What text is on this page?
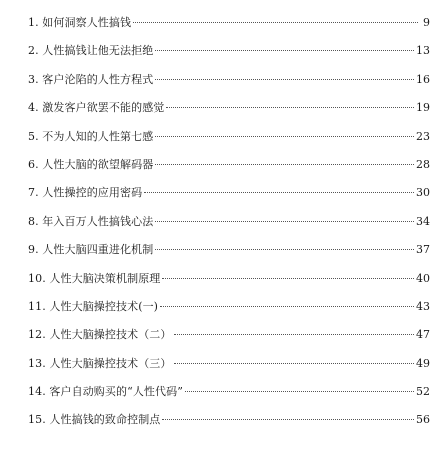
1. 如何洞察人性搞钱	9
2. 人性搞钱让他无法拒绝	13
3. 客户沦陷的人性方程式	16
4. 激发客户欲罢不能的感觉	19
5. 不为人知的人性第七感	23
6. 人性大脑的欲望解码器	28
7. 人性操控的应用密码	30
8. 年入百万人性搞钱心法	34
9. 人性大脑四重进化机制	37
10. 人性大脑决策机制原理	40
11. 人性大脑操控技术(一)	43
12. 人性大脑操控技术（二）	47
13. 人性大脑操控技术（三）	49
14. 客户自动购买的“人性代码”	52
15. 人性搞钱的致命控制点	56
